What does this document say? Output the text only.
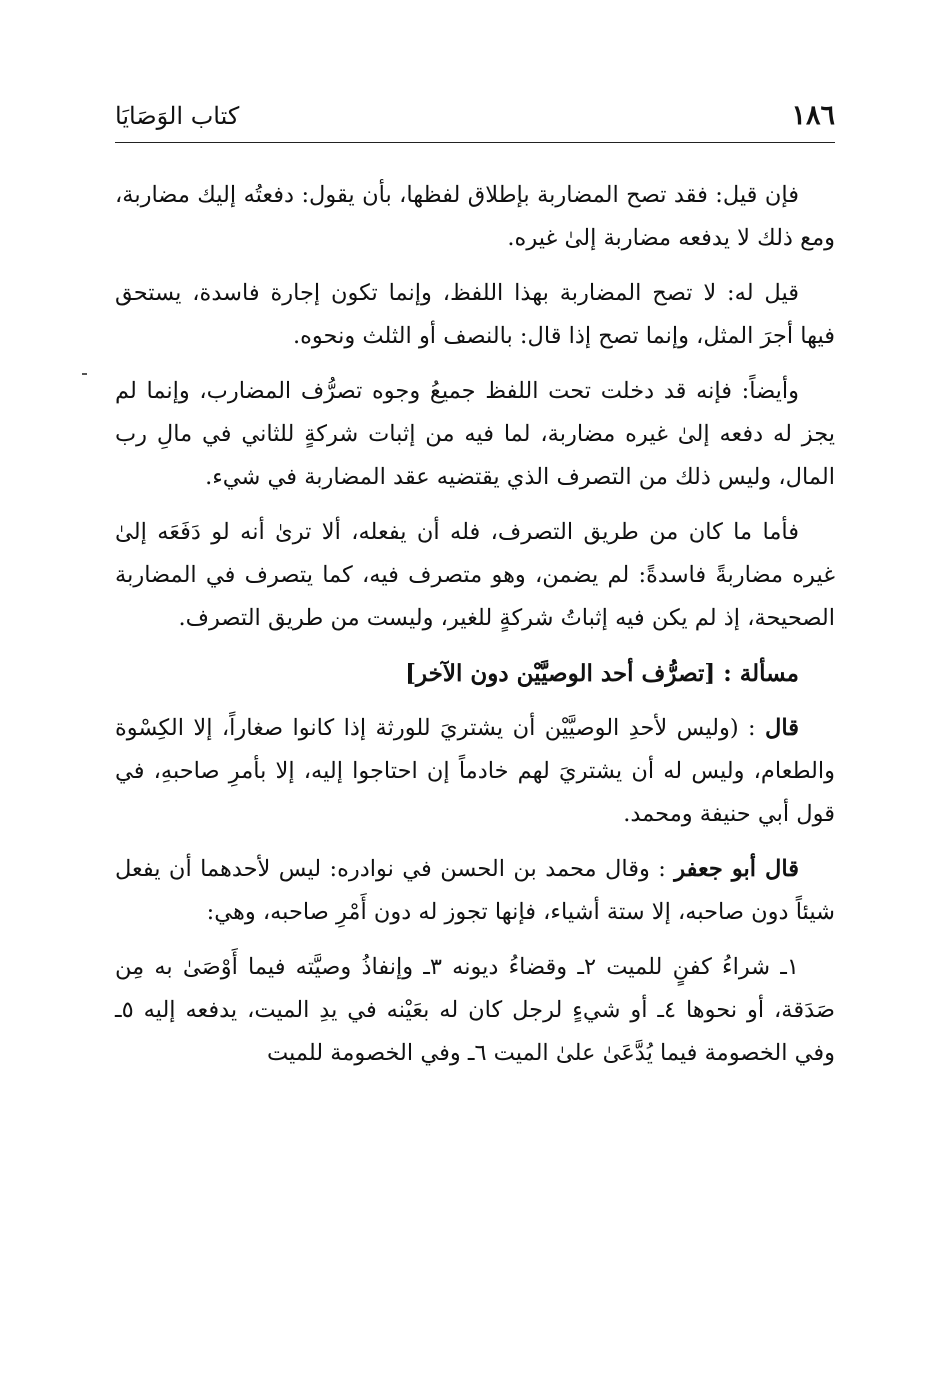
١٨٦
كتاب الوَصَايَا

فإن قيل: فقد تصح المضاربة بإطلاق لفظها، بأن يقول: دفعتُه إليك مضاربة، ومع ذلك لا يدفعه مضاربة إلىٰ غيره.

قيل له: لا تصح المضاربة بهذا اللفظ، وإنما تكون إجارة فاسدة، يستحق فيها أجرَ المثل، وإنما تصح إذا قال: بالنصف أو الثلث ونحوه.

وأيضاً: فإنه قد دخلت تحت اللفظ جميعُ وجوه تصرُّف المضارب، وإنما لم يجز له دفعه إلىٰ غيره مضاربة، لما فيه من إثبات شركةٍ للثاني في مالِ رب المال، وليس ذلك من التصرف الذي يقتضيه عقد المضاربة في شيء.

فأما ما كان من طريق التصرف، فله أن يفعله، ألا ترىٰ أنه لو دَفَعَه إلىٰ غيره مضاربةً فاسدةً: لم يضمن، وهو متصرف فيه، كما يتصرف في المضاربة الصحيحة، إذ لم يكن فيه إثباتُ شركةٍ للغير، وليست من طريق التصرف.

مسألة : [تصرُّف أحد الوصيَّيْن دون الآخر]

قال : (وليس لأحدِ الوصيَّيْن أن يشتريَ للورثة إذا كانوا صغاراً، إلا الكِسْوة والطعام، وليس له أن يشتريَ لهم خادماً إن احتاجوا إليه، إلا بأمرِ صاحبهِ، في قول أبي حنيفة ومحمد.

قال أبو جعفر : وقال محمد بن الحسن في نوادره: ليس لأحدهما أن يفعل شيئاً دون صاحبه، إلا ستة أشياء، فإنها تجوز له دون أَمْرِ صاحبه، وهي:

١ـ شراءُ كفنٍ للميت ٢ـ وقضاءُ ديونه ٣ـ وإنفاذُ وصيَّته فيما أَوْصَىٰ به مِن صَدَقة، أو نحوها ٤ـ أو شيءٍ لرجل كان له بعَيْنه في يدِ الميت، يدفعه إليه ٥ـ وفي الخصومة فيما يُدَّعَىٰ علىٰ الميت ٦ـ وفي الخصومة للميت
